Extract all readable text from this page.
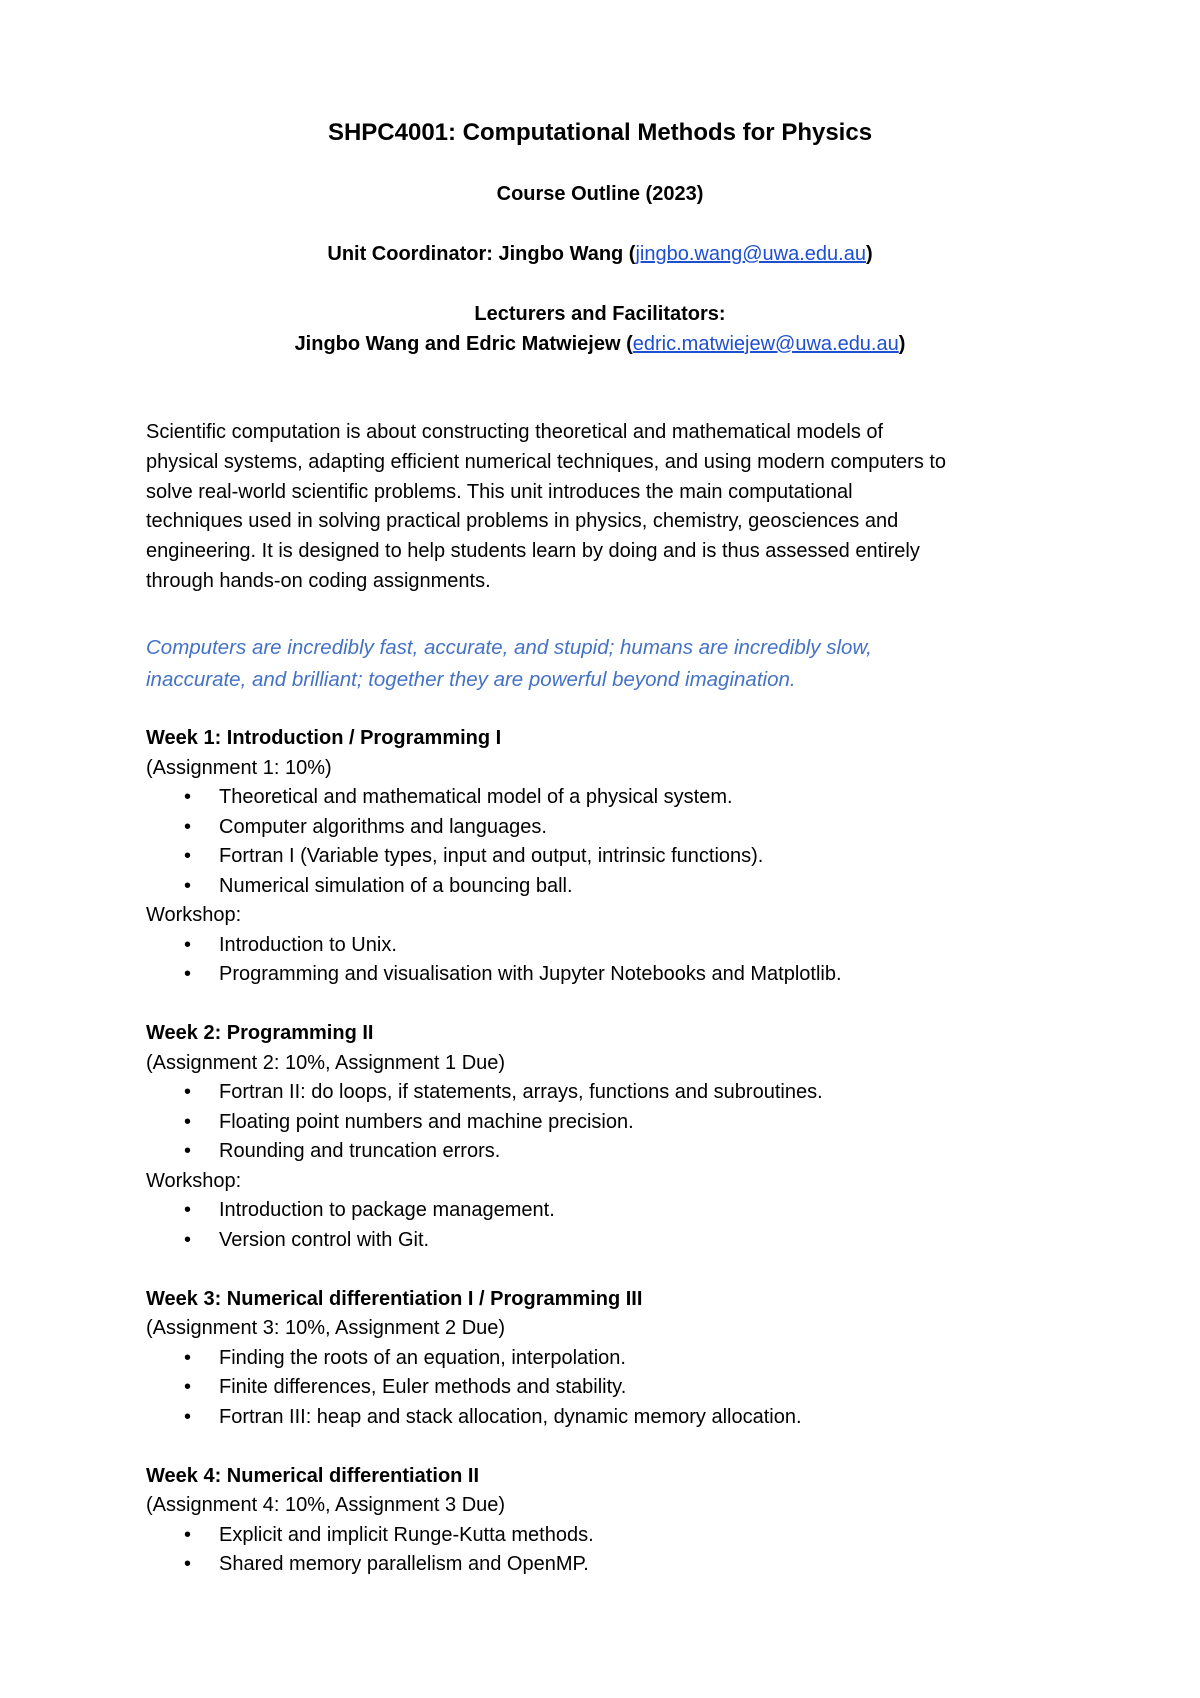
SHPC4001: Computational Methods for Physics
Course Outline (2023)
Unit Coordinator: Jingbo Wang (jingbo.wang@uwa.edu.au)
Lecturers and Facilitators:
Jingbo Wang and Edric Matwiejew (edric.matwiejew@uwa.edu.au)

Scientific computation is about constructing theoretical and mathematical models of

physical systems, adapting efficient numerical techniques, and using modern computers to

solve real-world scientific problems. This unit introduces the main computational

techniques used in solving practical problems in physics, chemistry, geosciences and

engineering. It is designed to help students learn by doing and is thus assessed entirely

through hands-on coding assignments.

Computers are incredibly fast, accurate, and stupid; humans are incredibly slow,

inaccurate, and brilliant; together they are powerful beyond imagination.

Week 1: Introduction / Programming I
(Assignment 1: 10%)
• Theoretical and mathematical model of a physical system.
• Computer algorithms and languages.
• Fortran I (Variable types, input and output, intrinsic functions).
• Numerical simulation of a bouncing ball.
Workshop:
• Introduction to Unix.
• Programming and visualisation with Jupyter Notebooks and Matplotlib.
Week 2: Programming II
(Assignment 2: 10%, Assignment 1 Due)
• Fortran II: do loops, if statements, arrays, functions and subroutines.
• Floating point numbers and machine precision.
• Rounding and truncation errors.
Workshop:
• Introduction to package management.
• Version control with Git.
Week 3: Numerical differentiation I / Programming III
(Assignment 3: 10%, Assignment 2 Due)
• Finding the roots of an equation, interpolation.
• Finite differences, Euler methods and stability.
• Fortran III: heap and stack allocation, dynamic memory allocation.
Week 4: Numerical differentiation II
(Assignment 4: 10%, Assignment 3 Due)
• Explicit and implicit Runge-Kutta methods.
• Shared memory parallelism and OpenMP.
